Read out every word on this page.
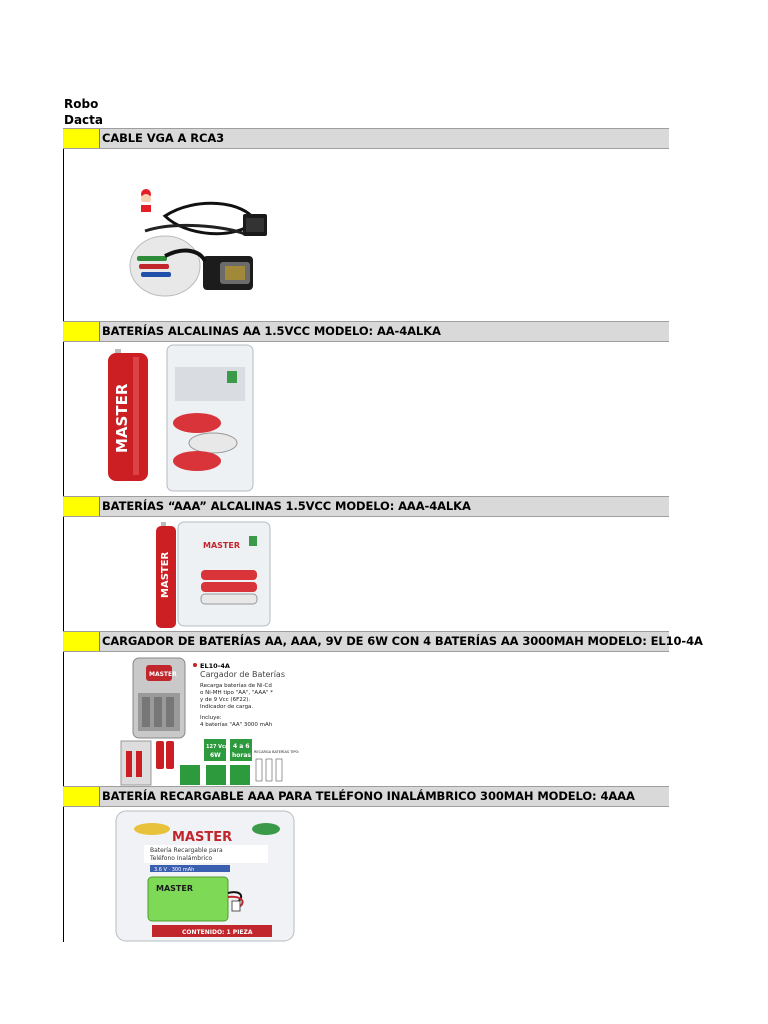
Robo
Dacta
CABLE VGA A RCA3
BATERÍAS ALCALINAS AA 1.5VCC MODELO: AA-4ALKA
MASTER
BATERÍAS “AAA” ALCALINAS 1.5VCC MODELO: AAA-4ALKA
MASTER
MASTER
CARGADOR DE BATERÍAS AA, AAA, 9V DE 6W CON 4 BATERÍAS AA 3000MAH MODELO: EL10-4A
MASTER
EL10-4A
Cargador de Baterías
Recarga baterías de Ni-Cd
o Ni-MH tipo "AA", "AAA" *
y de 9 Vcc (6F22).
Indicador de carga.
Incluye:
4 baterías "AA" 3000 mAh
127 Vca
6W
4 a 6
horas RECARGA BATERÍAS TIPO:
BATERÍA RECARGABLE AAA PARA TELÉFONO INALÁMBRICO 300MAH MODELO: 4AAA
MASTER
Batería Recargable para
Teléfono Inalámbrico
3.6 V · 300 mAh
MASTER
CONTENIDO: 1 PIEZA
